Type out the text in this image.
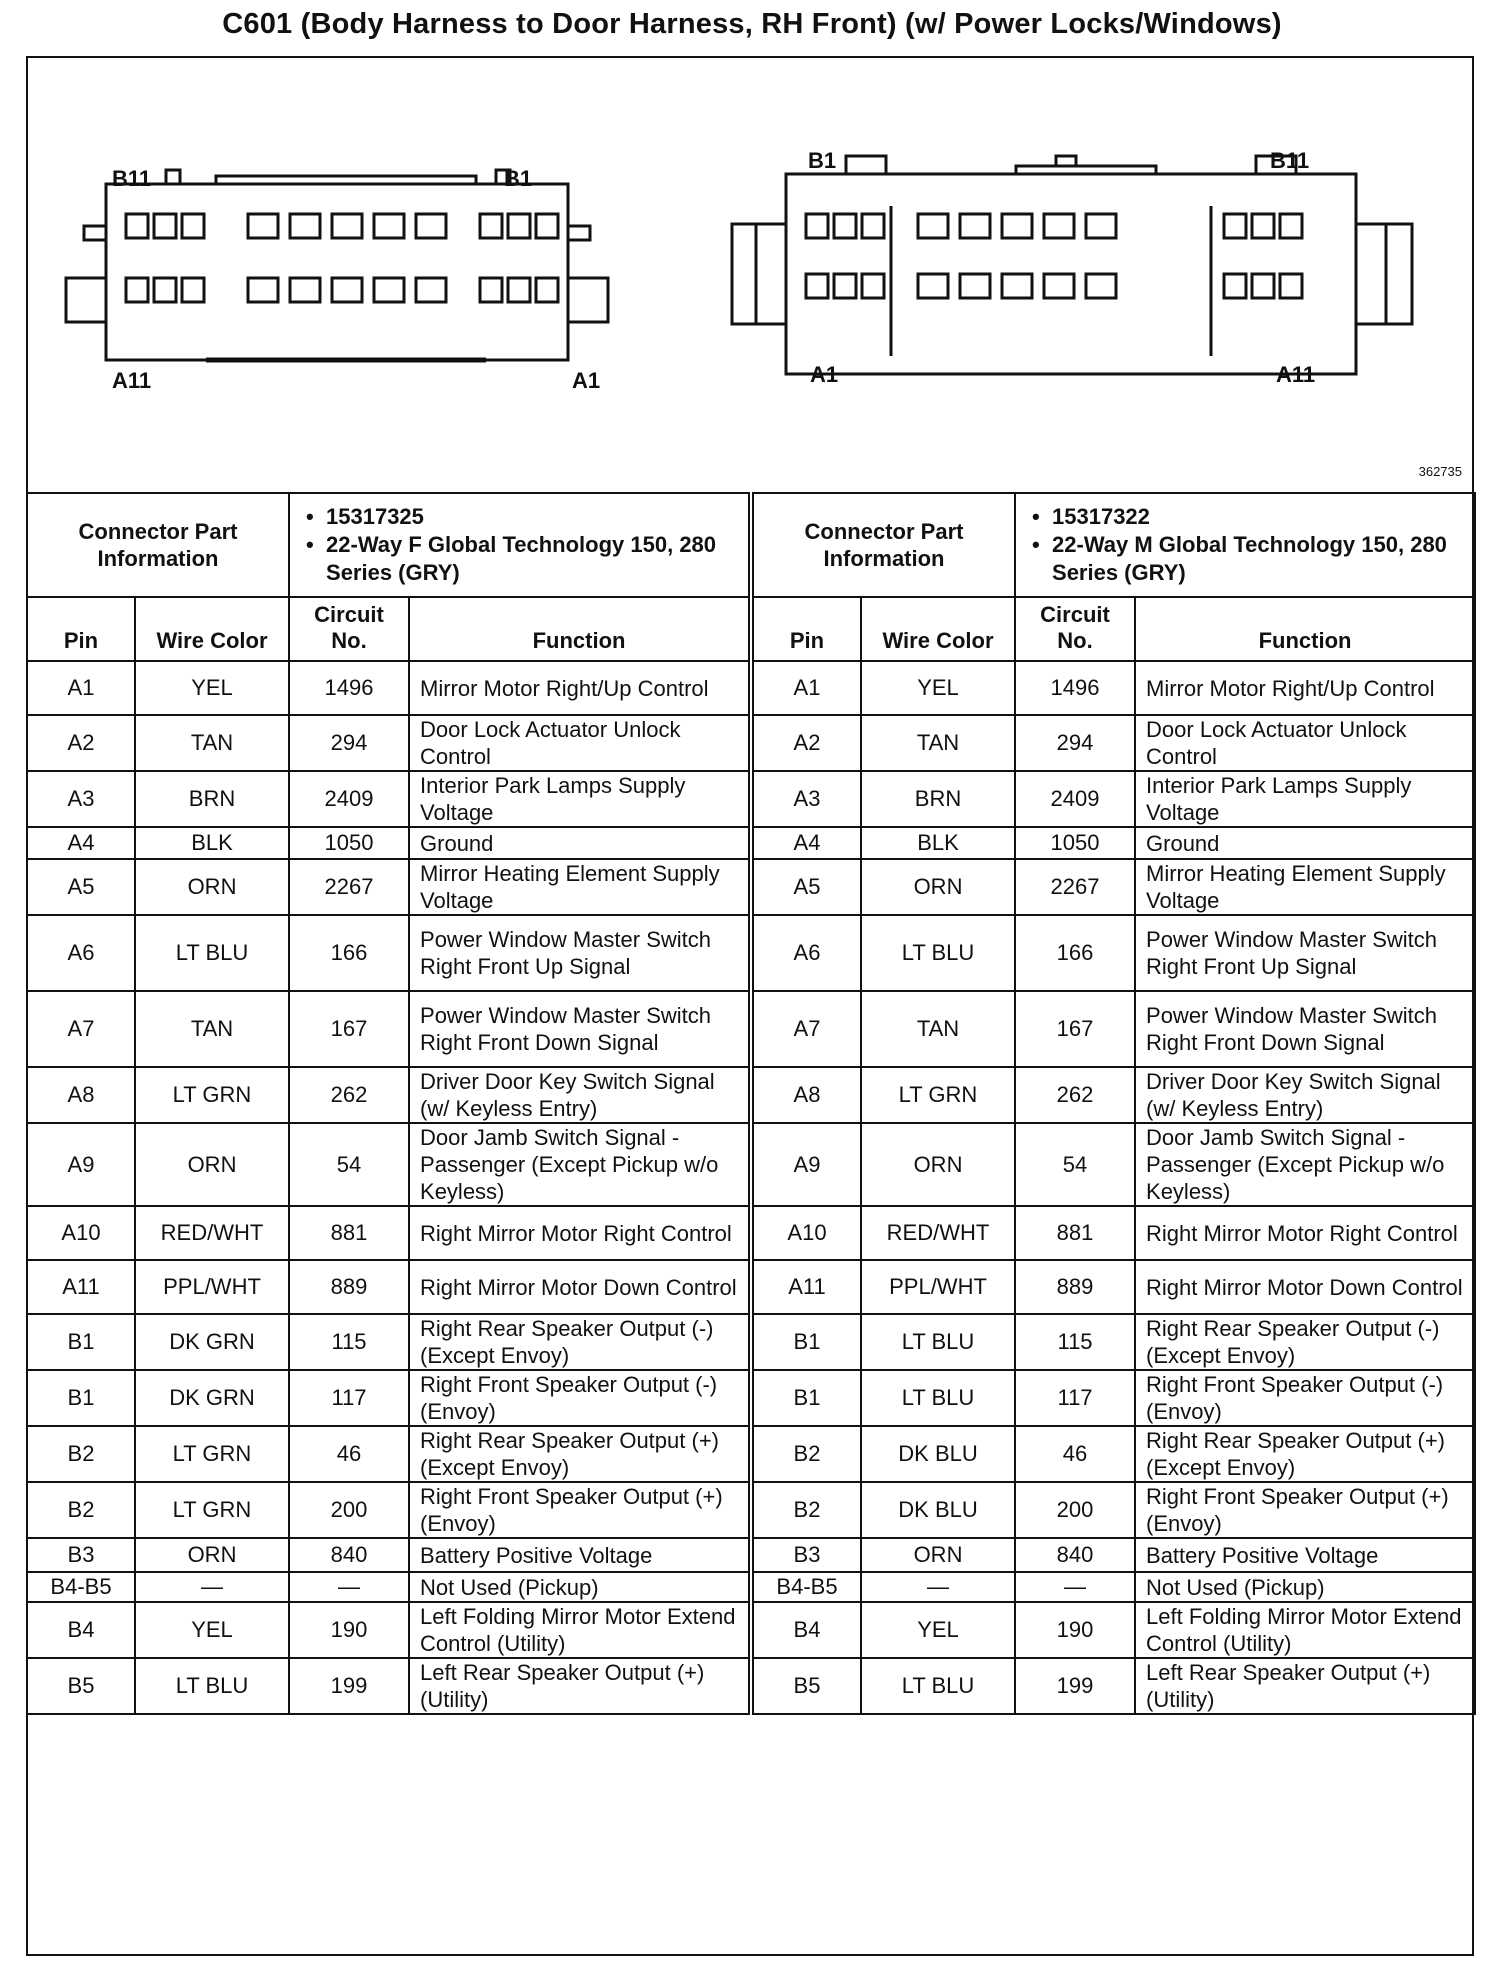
C601 (Body Harness to Door Harness, RH Front) (w/ Power Locks/Windows)
B11	B1
A11	A1
B1	B11
A1	A11
362735
Connector Part Information		• 15317325
• 22-Way F Global Technology 150, 280 Series (GRY)

Pin	Wire Color	Circuit No.	Function
A1	YEL	1496	Mirror Motor Right/Up Control
A2	TAN	294	Door Lock Actuator Unlock Control
A3	BRN	2409	Interior Park Lamps Supply Voltage
A4	BLK	1050	Ground
A5	ORN	2267	Mirror Heating Element Supply Voltage
A6	LT BLU	166	Power Window Master Switch Right Front Up Signal
A7	TAN	167	Power Window Master Switch Right Front Down Signal
A8	LT GRN	262	Driver Door Key Switch Signal (w/ Keyless Entry)
A9	ORN	54	Door Jamb Switch Signal - Passenger (Except Pickup w/o Keyless)
A10	RED/WHT	881	Right Mirror Motor Right Control
A11	PPL/WHT	889	Right Mirror Motor Down Control
B1	DK GRN	115	Right Rear Speaker Output (-) (Except Envoy)
B1	DK GRN	117	Right Front Speaker Output (-) (Envoy)
B2	LT GRN	46	Right Rear Speaker Output (+) (Except Envoy)
B2	LT GRN	200	Right Front Speaker Output (+) (Envoy)
B3	ORN	840	Battery Positive Voltage
B4-B5	—	—	Not Used (Pickup)
B4	YEL	190	Left Folding Mirror Motor Extend Control (Utility)
B5	LT BLU	199	Left Rear Speaker Output (+) (Utility)
Connector Part Information		• 15317322
• 22-Way M Global Technology 150, 280 Series (GRY)

Pin	Wire Color	Circuit No.	Function
A1	YEL	1496	Mirror Motor Right/Up Control
A2	TAN	294	Door Lock Actuator Unlock Control
A3	BRN	2409	Interior Park Lamps Supply Voltage
A4	BLK	1050	Ground
A5	ORN	2267	Mirror Heating Element Supply Voltage
A6	LT BLU	166	Power Window Master Switch Right Front Up Signal
A7	TAN	167	Power Window Master Switch Right Front Down Signal
A8	LT GRN	262	Driver Door Key Switch Signal (w/ Keyless Entry)
A9	ORN	54	Door Jamb Switch Signal - Passenger (Except Pickup w/o Keyless)
A10	RED/WHT	881	Right Mirror Motor Right Control
A11	PPL/WHT	889	Right Mirror Motor Down Control
B1	LT BLU	115	Right Rear Speaker Output (-) (Except Envoy)
B1	LT BLU	117	Right Front Speaker Output (-) (Envoy)
B2	DK BLU	46	Right Rear Speaker Output (+) (Except Envoy)
B2	DK BLU	200	Right Front Speaker Output (+) (Envoy)
B3	ORN	840	Battery Positive Voltage
B4-B5	—	—	Not Used (Pickup)
B4	YEL	190	Left Folding Mirror Motor Extend Control (Utility)
B5	LT BLU	199	Left Rear Speaker Output (+) (Utility)
